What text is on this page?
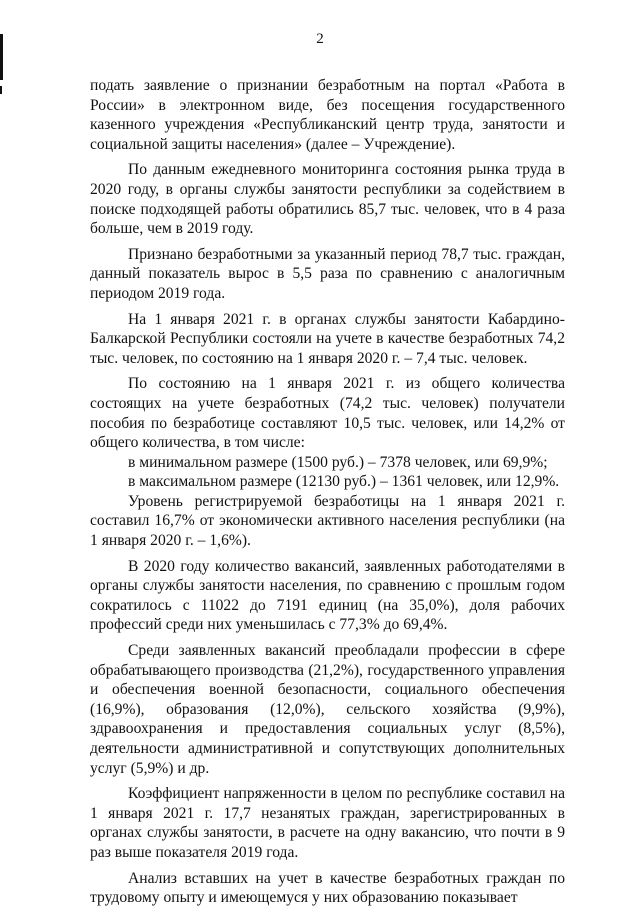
2

подать заявление о признании безработным на портал «Работа в России» в электронном виде, без посещения государственного казенного учреждения «Республиканский центр труда, занятости и социальной защиты населения» (далее – Учреждение).

По данным ежедневного мониторинга состояния рынка труда в 2020 году, в органы службы занятости республики за содействием в поиске подходящей работы обратились 85,7 тыс. человек, что в 4 раза больше, чем в 2019 году.

Признано безработными за указанный период 78,7 тыс. граждан, данный показатель вырос в 5,5 раза по сравнению с аналогичным периодом 2019 года.

На 1 января 2021 г. в органах службы занятости Кабардино-Балкарской Республики состояли на учете в качестве безработных 74,2 тыс. человек, по состоянию на 1 января 2020 г. – 7,4 тыс. человек.

По состоянию на 1 января 2021 г. из общего количества состоящих на учете безработных (74,2 тыс. человек) получатели пособия по безработице составляют 10,5 тыс. человек, или 14,2% от общего количества, в том числе:

в минимальном размере (1500 руб.) – 7378 человек, или 69,9%;

в максимальном размере (12130 руб.) – 1361 человек, или 12,9%.

Уровень регистрируемой безработицы на 1 января 2021 г. составил 16,7% от экономически активного населения республики (на 1 января 2020 г. – 1,6%).

В 2020 году количество вакансий, заявленных работодателями в органы службы занятости населения, по сравнению с прошлым годом сократилось с 11022 до 7191 единиц (на 35,0%), доля рабочих профессий среди них уменьшилась с 77,3% до 69,4%.

Среди заявленных вакансий преобладали профессии в сфере обрабатывающего производства (21,2%), государственного управления и обеспечения военной безопасности, социального обеспечения (16,9%), образования (12,0%), сельского хозяйства (9,9%), здравоохранения и предоставления социальных услуг (8,5%), деятельности административной и сопутствующих дополнительных услуг (5,9%) и др.

Коэффициент напряженности в целом по республике составил на 1 января 2021 г. 17,7 незанятых граждан, зарегистрированных в органах службы занятости, в расчете на одну вакансию, что почти в 9 раз выше показателя 2019 года.

Анализ вставших на учет в качестве безработных граждан по трудовому опыту и имеющемуся у них образованию показывает
